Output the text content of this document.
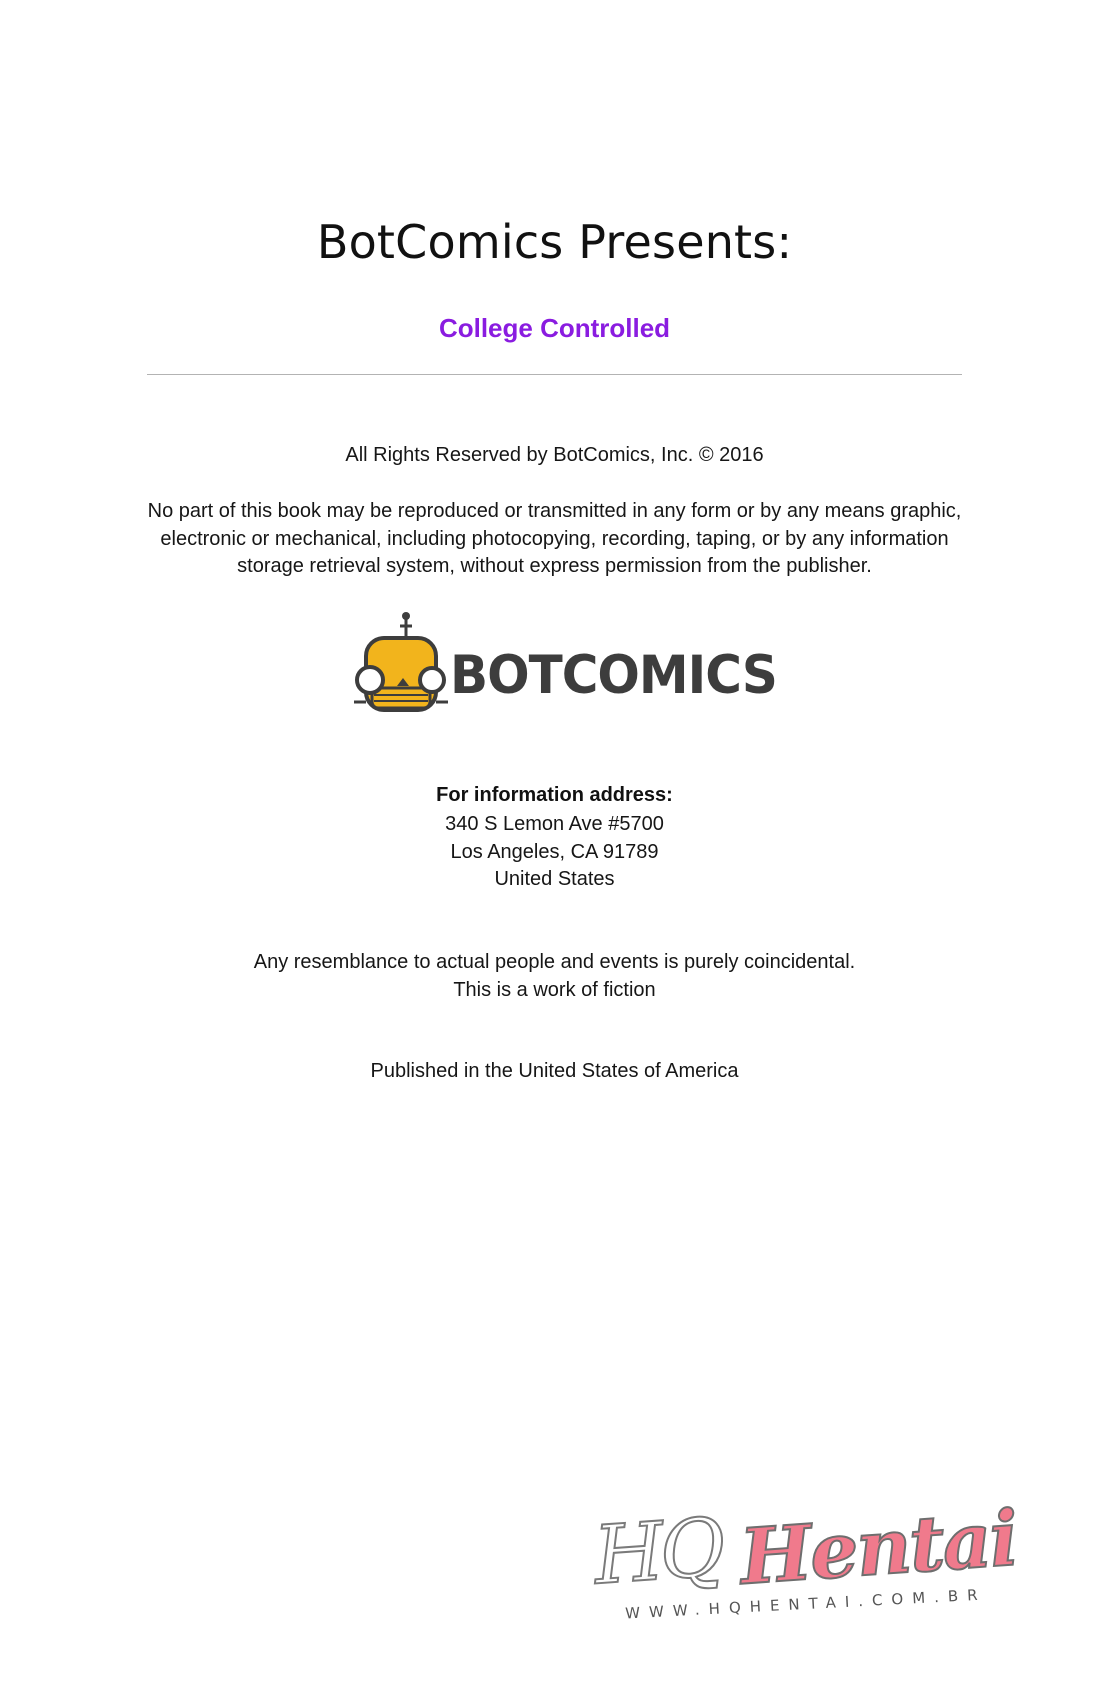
BotComics Presents:
College Controlled
All Rights Reserved by BotComics, Inc. © 2016
No part of this book may be reproduced or transmitted in any form or by any means graphic,
electronic or mechanical, including photocopying, recording, taping, or by any information
storage retrieval system, without express permission from the publisher.
BOTCOMICS
For information address:
340 S Lemon Ave #5700
Los Angeles, CA 91789
United States
Any resemblance to actual people and events is purely coincidental.
This is a work of fiction
Published in the United States of America
HQ Hentai
WWW.HQHENTAI.COM.BR
